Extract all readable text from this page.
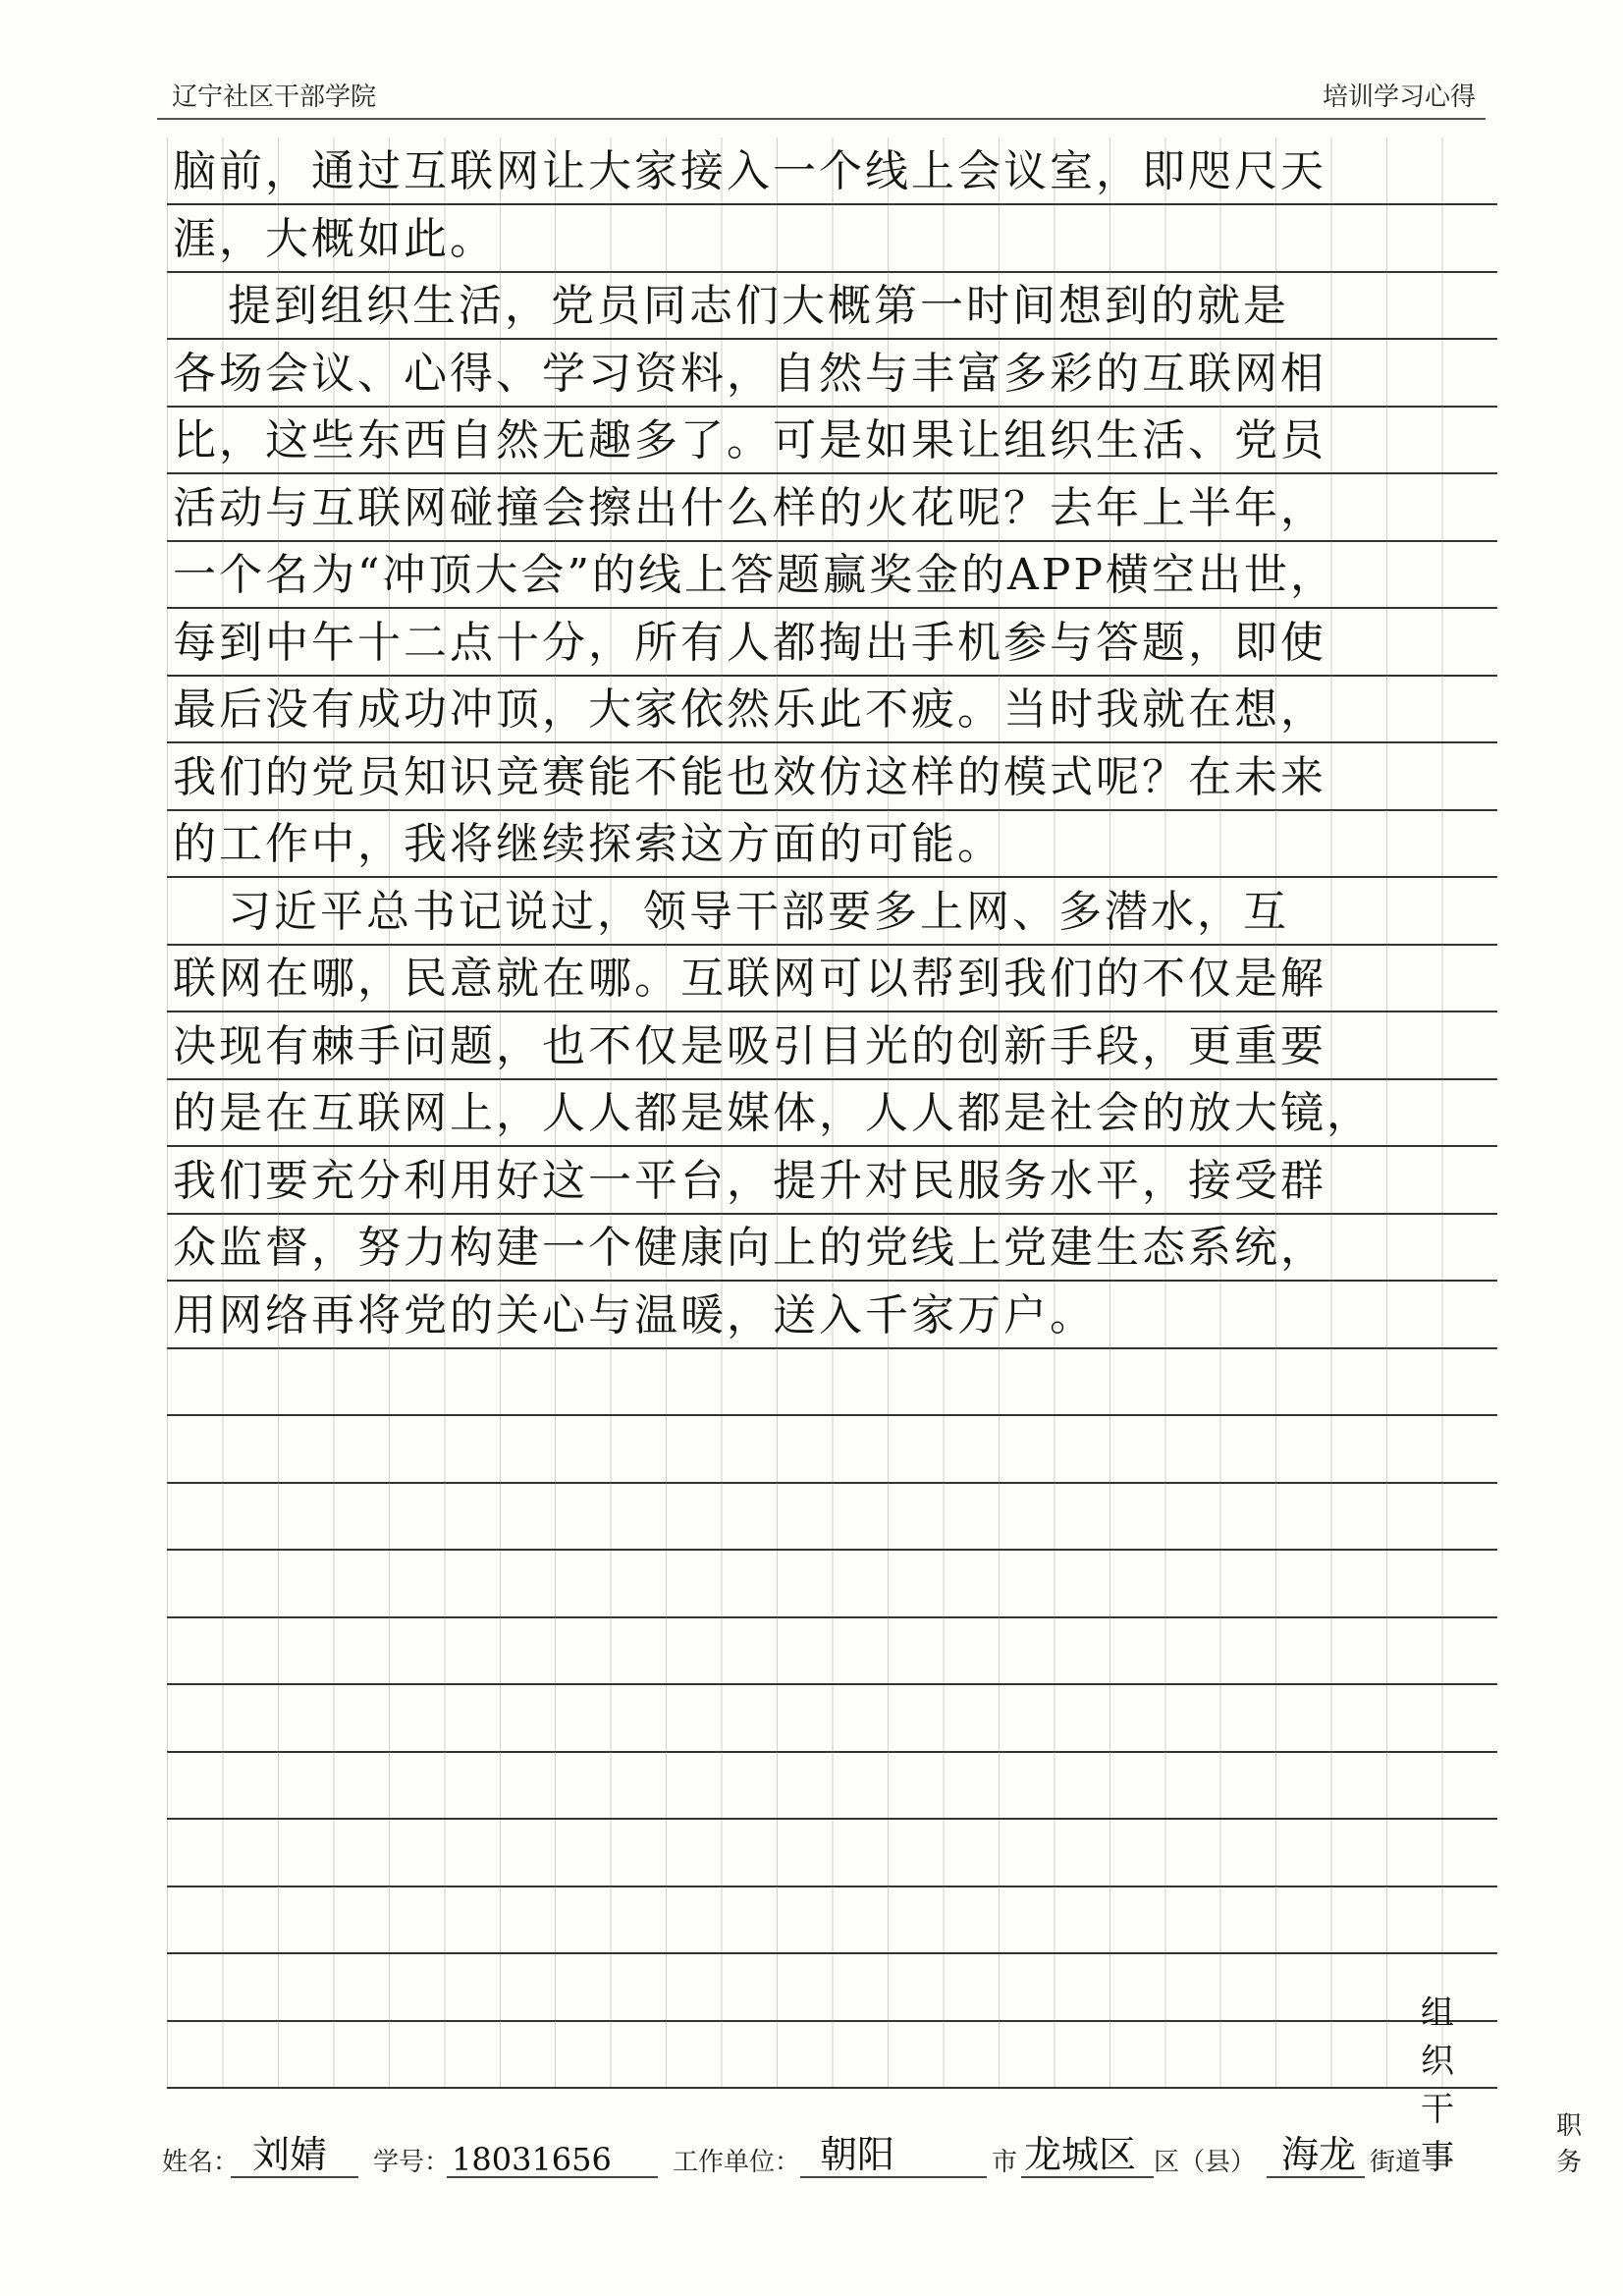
辽宁社区干部学院	培训学习心得
脑前，通过互联网让大家接入一个线上会议室，即咫尺天
涯，大概如此。
提到组织生活，党员同志们大概第一时间想到的就是
各场会议、心得、学习资料，自然与丰富多彩的互联网相
比，这些东西自然无趣多了。可是如果让组织生活、党员
活动与互联网碰撞会擦出什么样的火花呢？去年上半年，
一个名为“冲顶大会”的线上答题赢奖金的APP横空出世，
每到中午十二点十分，所有人都掏出手机参与答题，即使
最后没有成功冲顶，大家依然乐此不疲。当时我就在想，
我们的党员知识竞赛能不能也效仿这样的模式呢？在未来
的工作中，我将继续探索这方面的可能。
习近平总书记说过，领导干部要多上网、多潜水，互
联网在哪，民意就在哪。互联网可以帮到我们的不仅是解
决现有棘手问题，也不仅是吸引目光的创新手段，更重要
的是在互联网上，人人都是媒体，人人都是社会的放大镜，
我们要充分利用好这一平台，提升对民服务水平，接受群
众监督，努力构建一个健康向上的党线上党建生态系统，
用网络再将党的关心与温暖，送入千家万户。
姓名： 刘婧 学号： 18031656 工作单位： 朝阳	市 龙城区 区（县） 海龙 街道
组织干事
职务
